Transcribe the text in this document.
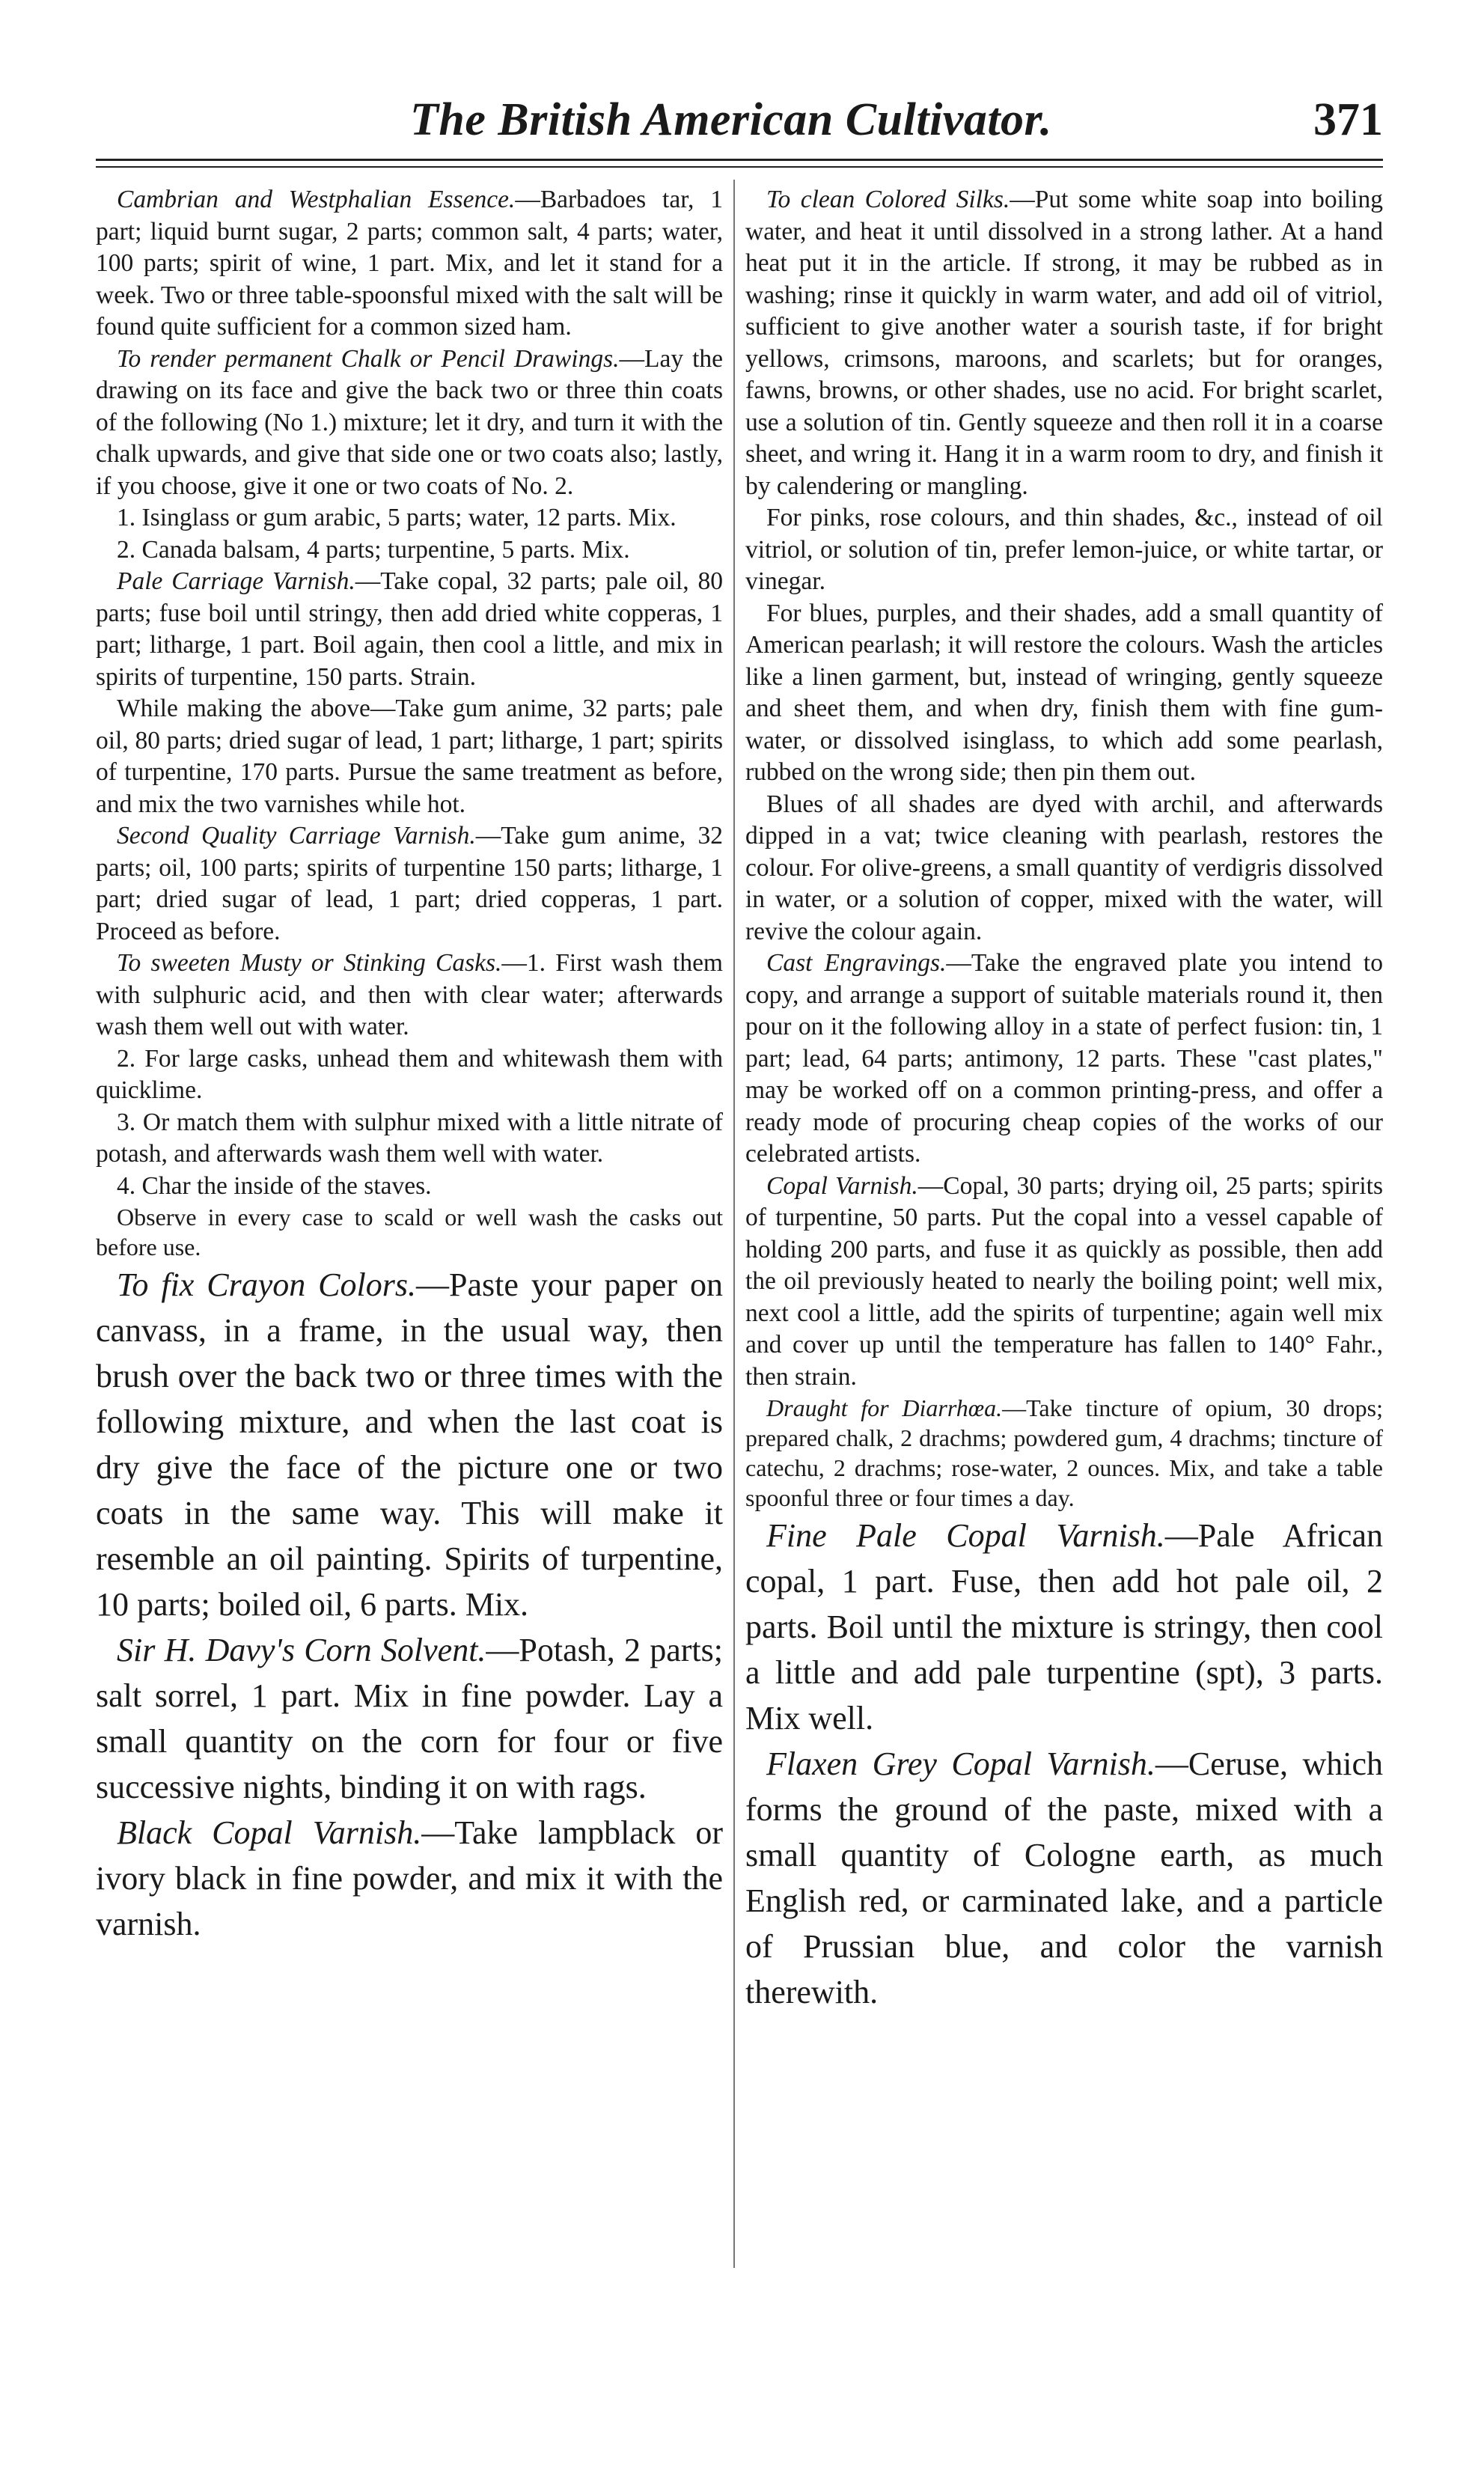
The British American Cultivator.	371

Cambrian and Westphalian Essence.—Barbadoes tar, 1 part; liquid burnt sugar, 2 parts; common salt, 4 parts; water, 100 parts; spirit of wine, 1 part. Mix, and let it stand for a week. Two or three table-spoonsful mixed with the salt will be found quite sufficient for a common sized ham.

To render permanent Chalk or Pencil Drawings.—Lay the drawing on its face and give the back two or three thin coats of the following (No 1.) mixture; let it dry, and turn it with the chalk upwards, and give that side one or two coats also; lastly, if you choose, give it one or two coats of No. 2.

1. Isinglass or gum arabic, 5 parts; water, 12 parts. Mix.

2. Canada balsam, 4 parts; turpentine, 5 parts. Mix.

Pale Carriage Varnish.—Take copal, 32 parts; pale oil, 80 parts; fuse boil until stringy, then add dried white copperas, 1 part; litharge, 1 part. Boil again, then cool a little, and mix in spirits of turpentine, 150 parts. Strain.

While making the above—Take gum anime, 32 parts; pale oil, 80 parts; dried sugar of lead, 1 part; litharge, 1 part; spirits of turpentine, 170 parts. Pursue the same treatment as before, and mix the two varnishes while hot.

Second Quality Carriage Varnish.—Take gum anime, 32 parts; oil, 100 parts; spirits of turpentine 150 parts; litharge, 1 part; dried sugar of lead, 1 part; dried copperas, 1 part. Proceed as before.

To sweeten Musty or Stinking Casks.—1. First wash them with sulphuric acid, and then with clear water; afterwards wash them well out with water.

2. For large casks, unhead them and whitewash them with quicklime.

3. Or match them with sulphur mixed with a little nitrate of potash, and afterwards wash them well with water.

4. Char the inside of the staves.

Observe in every case to scald or well wash the casks out before use.

To fix Crayon Colors.—Paste your paper on canvass, in a frame, in the usual way, then brush over the back two or three times with the following mixture, and when the last coat is dry give the face of the picture one or two coats in the same way. This will make it resemble an oil painting. Spirits of turpentine, 10 parts; boiled oil, 6 parts. Mix.

Sir H. Davy's Corn Solvent.—Potash, 2 parts; salt sorrel, 1 part. Mix in fine powder. Lay a small quantity on the corn for four or five successive nights, binding it on with rags.

Black Copal Varnish.—Take lampblack or ivory black in fine powder, and mix it with the varnish.

To clean Colored Silks.—Put some white soap into boiling water, and heat it until dissolved in a strong lather. At a hand heat put it in the article. If strong, it may be rubbed as in washing; rinse it quickly in warm water, and add oil of vitriol, sufficient to give another water a sourish taste, if for bright yellows, crimsons, maroons, and scarlets; but for oranges, fawns, browns, or other shades, use no acid. For bright scarlet, use a solution of tin. Gently squeeze and then roll it in a coarse sheet, and wring it. Hang it in a warm room to dry, and finish it by calendering or mangling.

For pinks, rose colours, and thin shades, &c., instead of oil vitriol, or solution of tin, prefer lemon-juice, or white tartar, or vinegar.

For blues, purples, and their shades, add a small quantity of American pearlash; it will restore the colours. Wash the articles like a linen garment, but, instead of wringing, gently squeeze and sheet them, and when dry, finish them with fine gum-water, or dissolved isinglass, to which add some pearlash, rubbed on the wrong side; then pin them out.

Blues of all shades are dyed with archil, and afterwards dipped in a vat; twice cleaning with pearlash, restores the colour. For olive-greens, a small quantity of verdigris dissolved in water, or a solution of copper, mixed with the water, will revive the colour again.

Cast Engravings.—Take the engraved plate you intend to copy, and arrange a support of suitable materials round it, then pour on it the following alloy in a state of perfect fusion: tin, 1 part; lead, 64 parts; antimony, 12 parts. These "cast plates," may be worked off on a common printing-press, and offer a ready mode of procuring cheap copies of the works of our celebrated artists.

Copal Varnish.—Copal, 30 parts; drying oil, 25 parts; spirits of turpentine, 50 parts. Put the copal into a vessel capable of holding 200 parts, and fuse it as quickly as possible, then add the oil previously heated to nearly the boiling point; well mix, next cool a little, add the spirits of turpentine; again well mix and cover up until the temperature has fallen to 140° Fahr., then strain.

Draught for Diarrhœa.—Take tincture of opium, 30 drops; prepared chalk, 2 drachms; powdered gum, 4 drachms; tincture of catechu, 2 drachms; rose-water, 2 ounces. Mix, and take a table spoonful three or four times a day.

Fine Pale Copal Varnish.—Pale African copal, 1 part. Fuse, then add hot pale oil, 2 parts. Boil until the mixture is stringy, then cool a little and add pale turpentine (spt), 3 parts. Mix well.

Flaxen Grey Copal Varnish.—Ceruse, which forms the ground of the paste, mixed with a small quantity of Cologne earth, as much English red, or carminated lake, and a particle of Prussian blue, and color the varnish therewith.
